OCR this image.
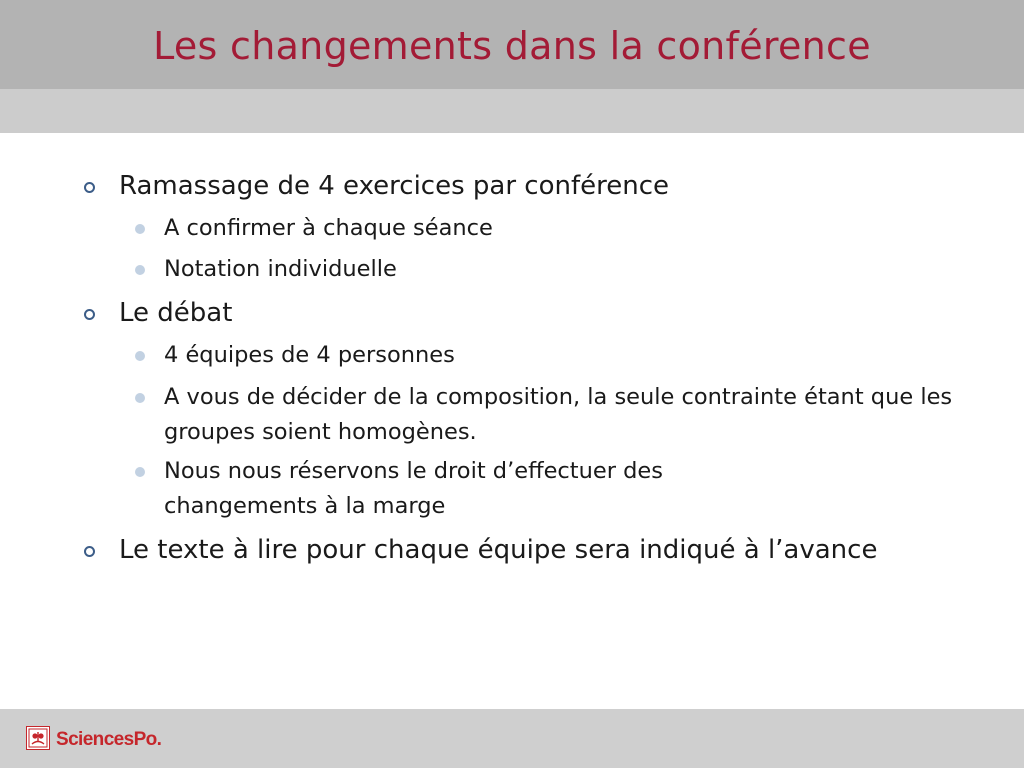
Les changements dans la conférence
Ramassage de 4 exercices par conférence
A confirmer à chaque séance
Notation individuelle
Le débat
4 équipes de 4 personnes
A vous de décider de la composition, la seule contrainte étant que les groupes soient homogènes.
Nous nous réservons le droit d’effectuer des changements à la marge
Le texte à lire pour chaque équipe sera indiqué à l’avance
SciencesPo.
